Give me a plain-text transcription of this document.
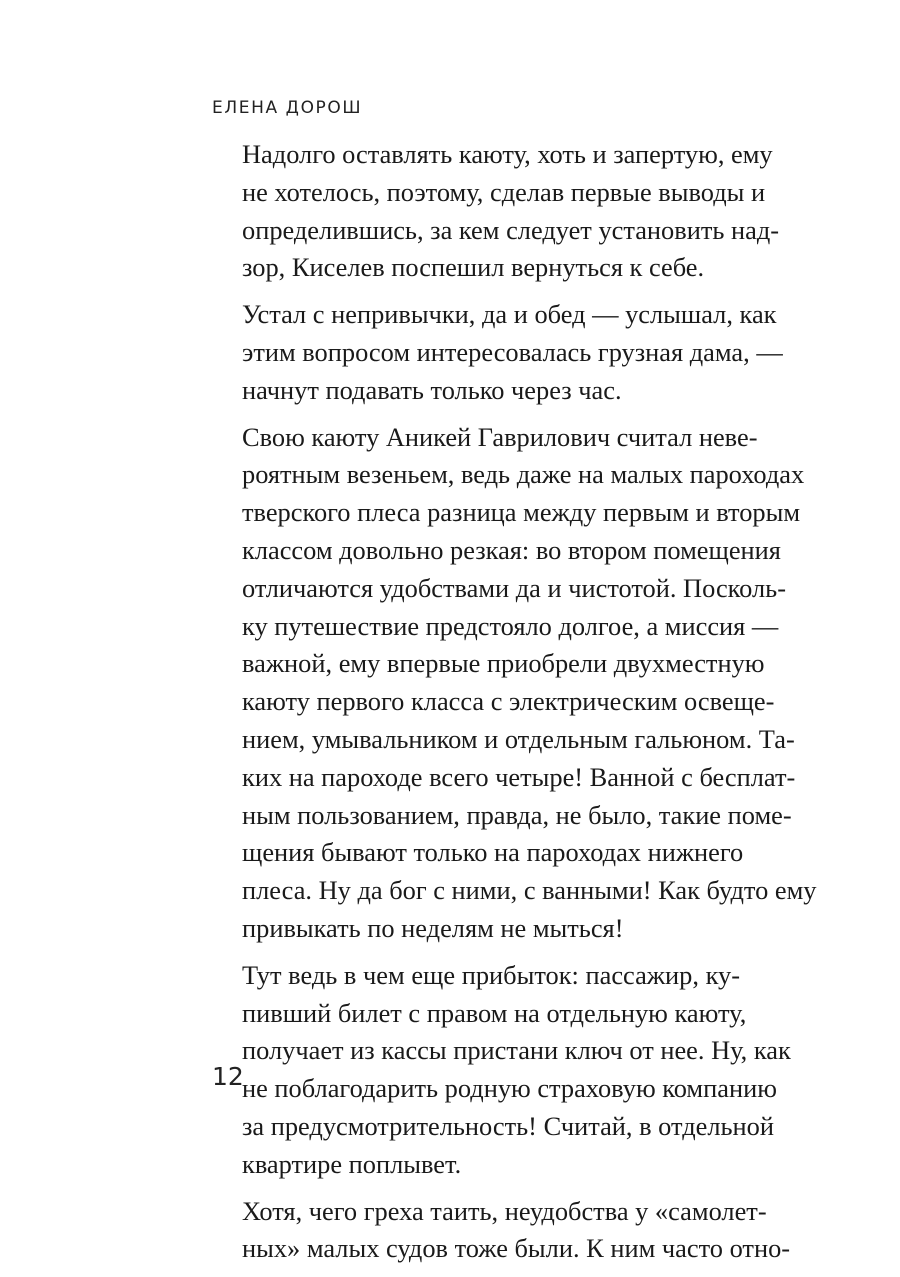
ЕЛЕНА ДОРОШ

Надолго оставлять каюту, хоть и запертую, ему
не хотелось, поэтому, сделав первые выводы и
определившись, за кем следует установить над-
зор, Киселев поспешил вернуться к себе.

Устал с непривычки, да и обед — услышал, как
этим вопросом интересовалась грузная дама, —
начнут подавать только через час.

Свою каюту Аникей Гаврилович считал неве-
роятным везеньем, ведь даже на малых пароходах
тверского плеса разница между первым и вторым
классом довольно резкая: во втором помещения
отличаются удобствами да и чистотой. Посколь-
ку путешествие предстояло долгое, а миссия —
важной, ему впервые приобрели двухместную
каюту первого класса с электрическим освеще-
нием, умывальником и отдельным гальюном. Та-
ких на пароходе всего четыре! Ванной с бесплат-
ным пользованием, правда, не было, такие поме-
щения бывают только на пароходах нижнего
плеса. Ну да бог с ними, с ванными! Как будто ему
привыкать по неделям не мыться!

Тут ведь в чем еще прибыток: пассажир, ку-
пивший билет с правом на отдельную каюту,
получает из кассы пристани ключ от нее. Ну, как
не поблагодарить родную страховую компанию
за предусмотрительность! Считай, в отдельной
квартире поплывет.

Хотя, чего греха таить, неудобства у «самолет-
ных» малых судов тоже были. К ним часто отно-

12
